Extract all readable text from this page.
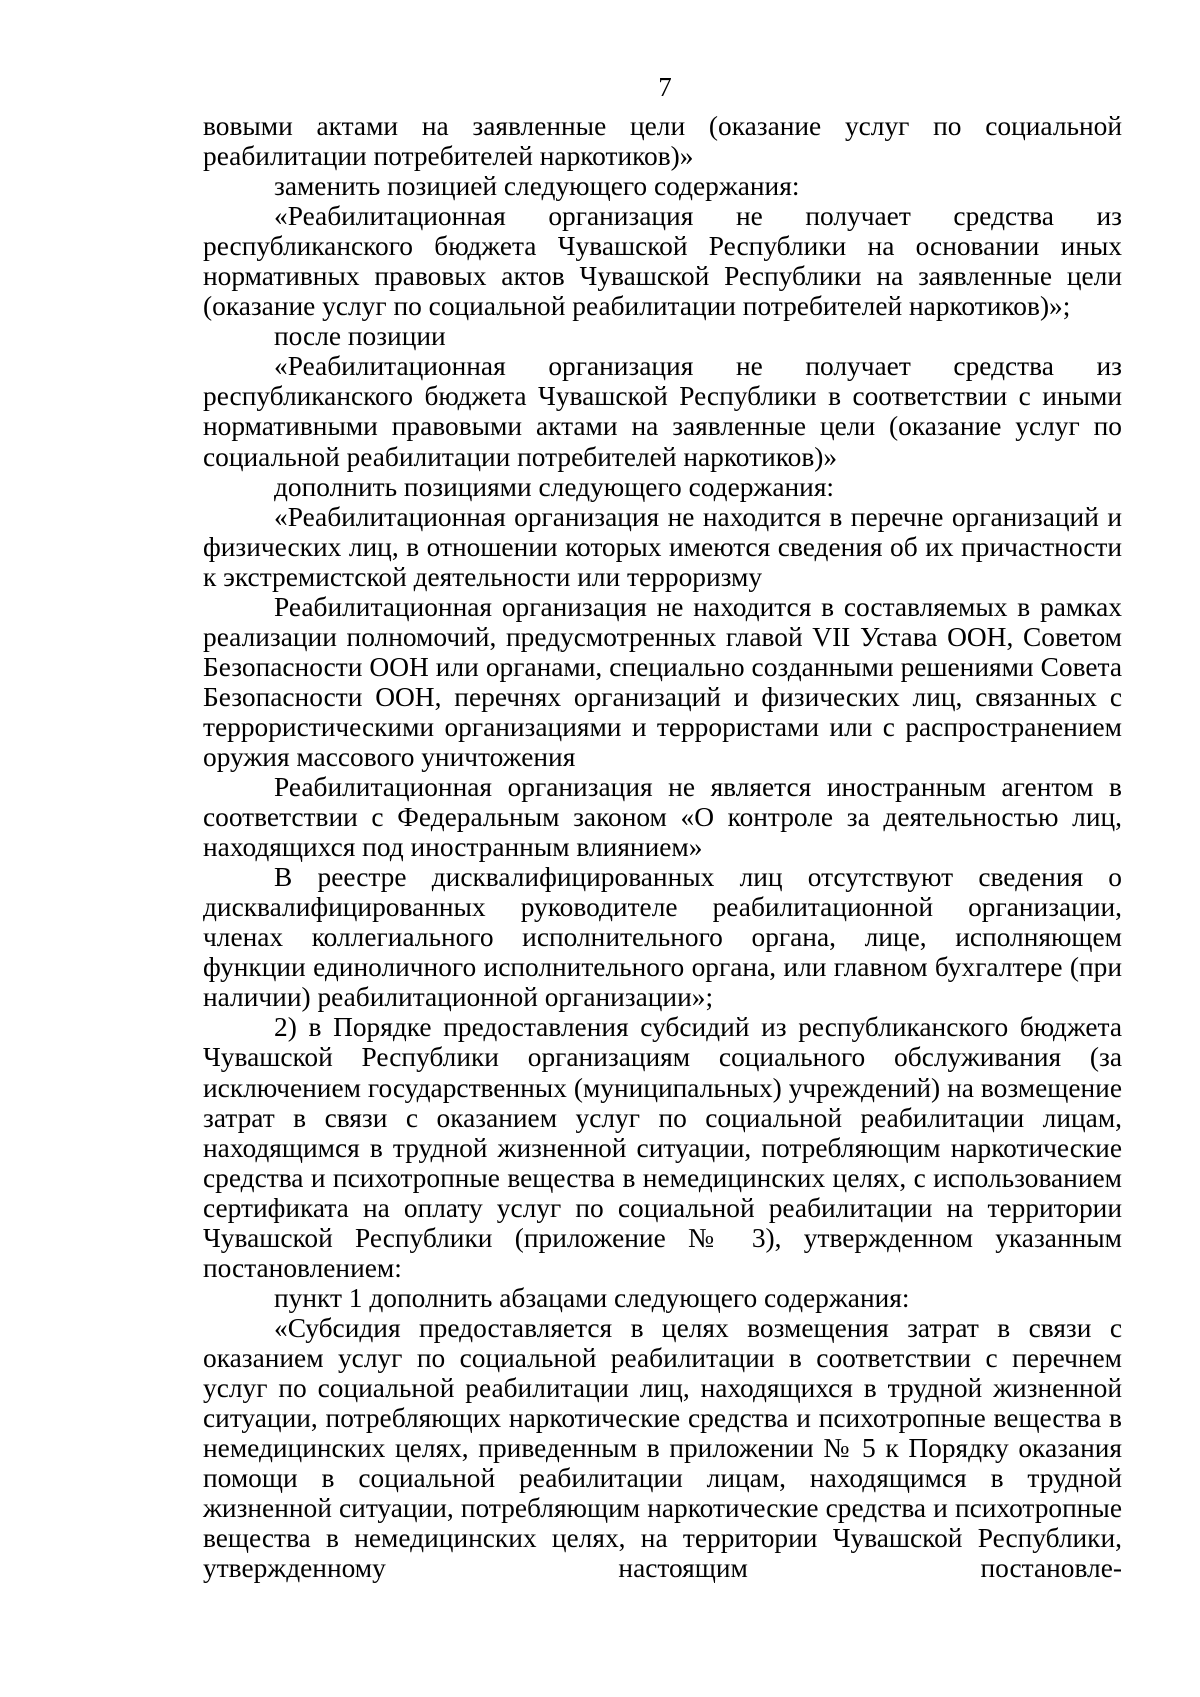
7

вовыми актами на заявленные цели (оказание услуг по социальной реабилитации потребителей наркотиков)»

заменить позицией следующего содержания:

«Реабилитационная организация не получает средства из республиканского бюджета Чувашской Республики на основании иных нормативных правовых актов Чувашской Республики на заявленные цели (оказание услуг по социальной реабилитации потребителей наркотиков)»;

после позиции

«Реабилитационная организация не получает средства из республиканского бюджета Чувашской Республики в соответствии с иными нормативными правовыми актами на заявленные цели (оказание услуг по социальной реабилитации потребителей наркотиков)»

дополнить позициями следующего содержания:

«Реабилитационная организация не находится в перечне организаций и физических лиц, в отношении которых имеются сведения об их причастности к экстремистской деятельности или терроризму

Реабилитационная организация не находится в составляемых в рамках реализации полномочий, предусмотренных главой VII Устава ООН, Советом Безопасности ООН или органами, специально созданными решениями Совета Безопасности ООН, перечнях организаций и физических лиц, связанных с террористическими организациями и террористами или с распространением оружия массового уничтожения

Реабилитационная организация не является иностранным агентом в соответствии с Федеральным законом «О контроле за деятельностью лиц, находящихся под иностранным влиянием»

В реестре дисквалифицированных лиц отсутствуют сведения о дисквалифицированных руководителе реабилитационной организации, членах коллегиального исполнительного органа, лице, исполняющем функции единоличного исполнительного органа, или главном бухгалтере (при наличии) реабилитационной организации»;

2) в Порядке предоставления субсидий из республиканского бюджета Чувашской Республики организациям социального обслуживания (за исключением государственных (муниципальных) учреждений) на возмещение затрат в связи с оказанием услуг по социальной реабилитации лицам, находящимся в трудной жизненной ситуации, потребляющим наркотические средства и психотропные вещества в немедицинских целях, с использованием сертификата на оплату услуг по социальной реабилитации на территории Чувашской Республики (приложение № 3), утвержденном указанным постановлением:

пункт 1 дополнить абзацами следующего содержания:

«Субсидия предоставляется в целях возмещения затрат в связи с оказанием услуг по социальной реабилитации в соответствии с перечнем услуг по социальной реабилитации лиц, находящихся в трудной жизненной ситуации, потребляющих наркотические средства и психотропные вещества в немедицинских целях, приведенным в приложении № 5 к Порядку оказания помощи в социальной реабилитации лицам, находящимся в трудной жизненной ситуации, потребляющим наркотические средства и психотропные вещества в немедицинских целях, на территории Чувашской Республики, утвержденному настоящим постановле-
